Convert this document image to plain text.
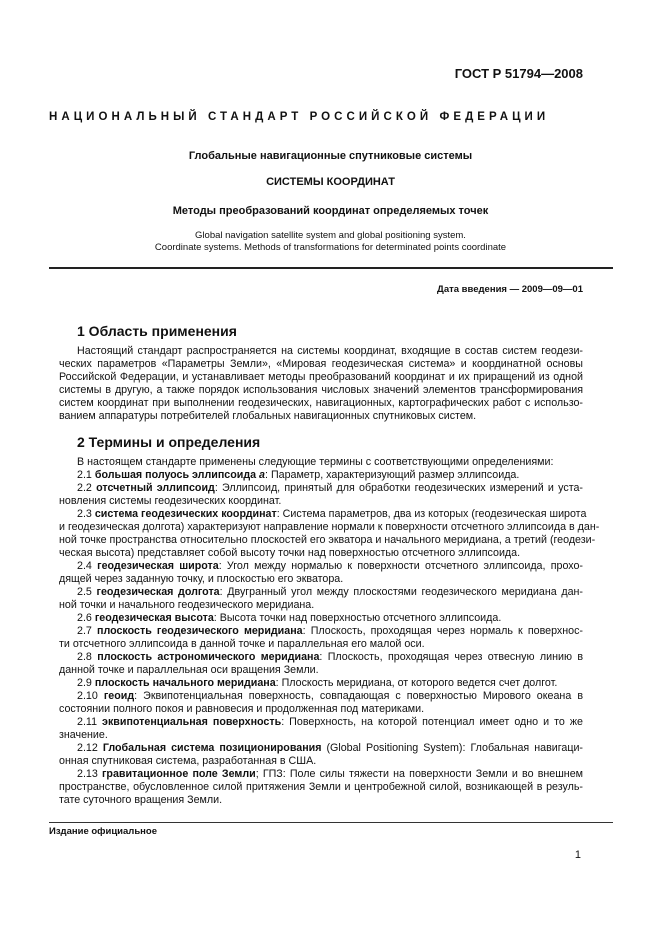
ГОСТ Р 51794—2008
НАЦИОНАЛЬНЫЙ СТАНДАРТ РОССИЙСКОЙ ФЕДЕРАЦИИ
Глобальные навигационные спутниковые системы
СИСТЕМЫ КООРДИНАТ
Методы преобразований координат определяемых точек
Global navigation satellite system and global positioning system.
Coordinate systems. Methods of transformations for determinated points coordinate
Дата введения — 2009—09—01
1 Область применения
Настоящий стандарт распространяется на системы координат, входящие в состав систем геодези-
ческих параметров «Параметры Земли», «Мировая геодезическая система» и координатной основы
Российской Федерации, и устанавливает методы преобразований координат и их приращений из одной
системы в другую, а также порядок использования числовых значений элементов трансформирования
систем координат при выполнении геодезических, навигационных, картографических работ с использо-
ванием аппаратуры потребителей глобальных навигационных спутниковых систем.
2 Термины и определения
В настоящем стандарте применены следующие термины с соответствующими определениями:
2.1 большая полуось эллипсоида a: Параметр, характеризующий размер эллипсоида.
2.2 отсчетный эллипсоид: Эллипсоид, принятый для обработки геодезических измерений и уста-
новления системы геодезических координат.
2.3 система геодезических координат: Система параметров, два из которых (геодезическая широта
и геодезическая долгота) характеризуют направление нормали к поверхности отсчетного эллипсоида в дан-
ной точке пространства относительно плоскостей его экватора и начального меридиана, а третий (геодези-
ческая высота) представляет собой высоту точки над поверхностью отсчетного эллипсоида.
2.4 геодезическая широта: Угол между нормалью к поверхности отсчетного эллипсоида, прохо-
дящей через заданную точку, и плоскостью его экватора.
2.5 геодезическая долгота: Двугранный угол между плоскостями геодезического меридиана дан-
ной точки и начального геодезического меридиана.
2.6 геодезическая высота: Высота точки над поверхностью отсчетного эллипсоида.
2.7 плоскость геодезического меридиана: Плоскость, проходящая через нормаль к поверхнос-
ти отсчетного эллипсоида в данной точке и параллельная его малой оси.
2.8 плоскость астрономического меридиана: Плоскость, проходящая через отвесную линию в
данной точке и параллельная оси вращения Земли.
2.9 плоскость начального меридиана: Плоскость меридиана, от которого ведется счет долгот.
2.10 геоид: Эквипотенциальная поверхность, совпадающая с поверхностью Мирового океана в
состоянии полного покоя и равновесия и продолженная под материками.
2.11 эквипотенциальная поверхность: Поверхность, на которой потенциал имеет одно и то же
значение.
2.12 Глобальная система позиционирования (Global Positioning System): Глобальная навигаци-
онная спутниковая система, разработанная в США.
2.13 гравитационное поле Земли; ГПЗ: Поле силы тяжести на поверхности Земли и во внешнем
пространстве, обусловленное силой притяжения Земли и центробежной силой, возникающей в резуль-
тате суточного вращения Земли.
Издание официальное
1
